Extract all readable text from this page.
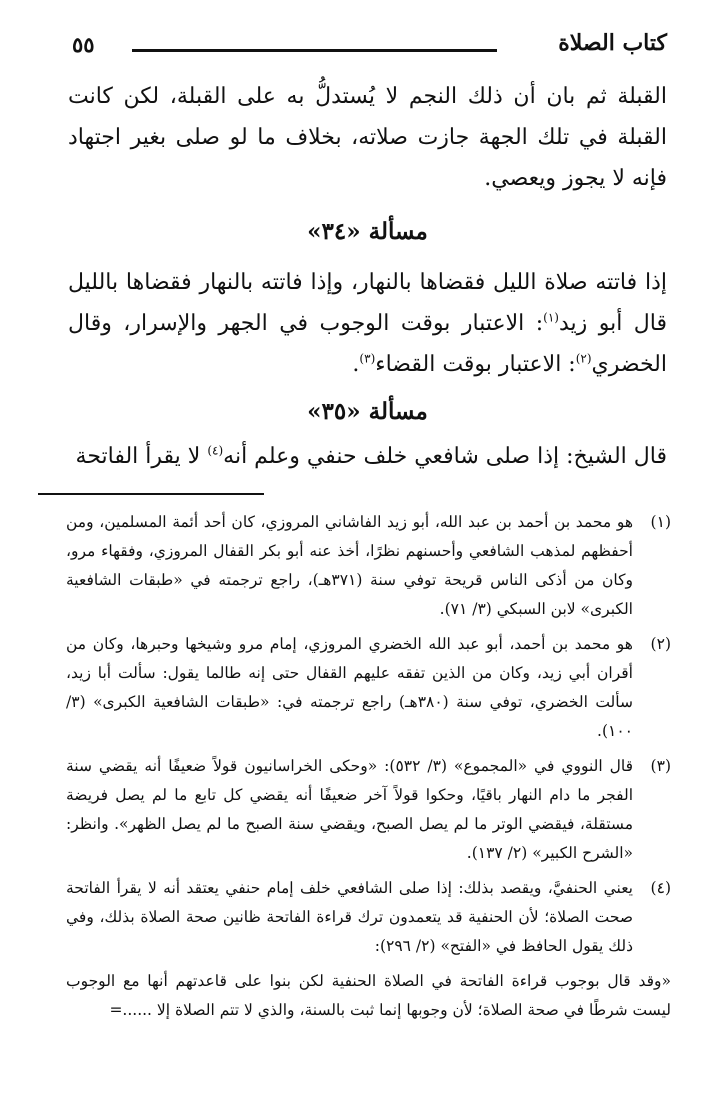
كتاب الصلاة
٥٥

القبلة ثم بان أن ذلك النجم لا يُستدلُّ به على القبلة، لكن كانت القبلة في تلك الجهة جازت صلاته، بخلاف ما لو صلى بغير اجتهاد فإنه لا يجوز ويعصي.

مسألة «٣٤»

إذا فاتته صلاة الليل فقضاها بالنهار، وإذا فاتته بالنهار فقضاها بالليل قال أبو زيد$^{(١)}$: الاعتبار بوقت الوجوب في الجهر والإسرار، وقال الخضري$^{(٢)}$: الاعتبار بوقت القضاء$^{(٣)}$.

مسألة «٣٥»

قال الشيخ: إذا صلى شافعي خلف حنفي وعلم أنه$^{(٤)}$ لا يقرأ الفاتحة

(١)
هو محمد بن أحمد بن عبد الله، أبو زيد الفاشاني المروزي، كان أحد أئمة المسلمين، ومن أحفظهم لمذهب الشافعي وأحسنهم نظرًا، أخذ عنه أبو بكر القفال المروزي، وفقهاء مرو، وكان من أذكى الناس قريحة توفي سنة (٣٧١هـ)، راجع ترجمته في «طبقات الشافعية الكبرى» لابن السبكي (٣/ ٧١).
(٢)
هو محمد بن أحمد، أبو عبد الله الخضري المروزي، إمام مرو وشيخها وحبرها، وكان من أقران أبي زيد، وكان من الذين تفقه عليهم القفال حتى إنه طالما يقول: سألت أبا زيد، سألت الخضري، توفي سنة (٣٨٠هـ) راجع ترجمته في: «طبقات الشافعية الكبرى» (٣/ ١٠٠).
(٣)
قال النووي في «المجموع» (٣/ ٥٣٢): «وحكى الخراسانيون قولاً ضعيفًا أنه يقضي سنة الفجر ما دام النهار باقيًا، وحكوا قولاً آخر ضعيفًا أنه يقضي كل تابع ما لم يصل فريضة مستقلة، فيقضي الوتر ما لم يصل الصبح، ويقضي سنة الصبح ما لم يصل الظهر». وانظر: «الشرح الكبير» (٢/ ١٣٧).
(٤)
يعني الحنفيَّ، ويقصد بذلك: إذا صلى الشافعي خلف إمام حنفي يعتقد أنه لا يقرأ الفاتحة صحت الصلاة؛ لأن الحنفية قد يتعمدون ترك قراءة الفاتحة ظانين صحة الصلاة بذلك، وفي ذلك يقول الحافظ في «الفتح» (٢/ ٢٩٦):

«وقد قال بوجوب قراءة الفاتحة في الصلاة الحنفية لكن بنوا على قاعدتهم أنها مع الوجوب ليست شرطًا في صحة الصلاة؛ لأن وجوبها إنما ثبت بالسنة، والذي لا تتم الصلاة إلا ......=
